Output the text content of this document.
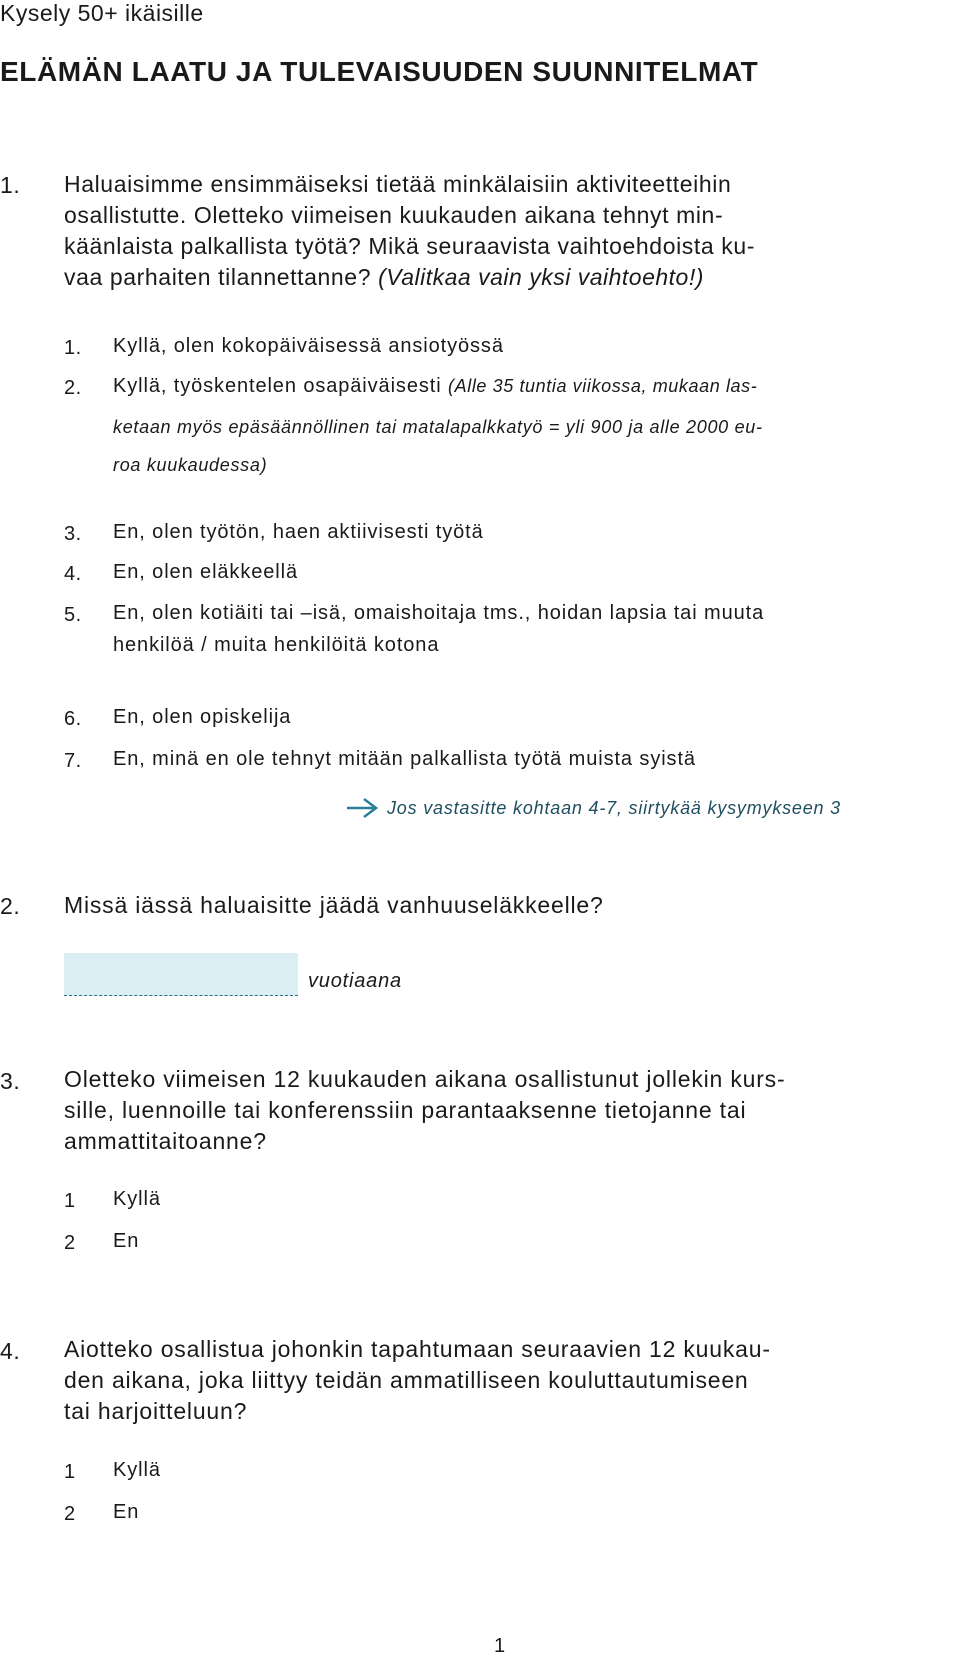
Kysely 50+ ikäisille
ELÄMÄN LAATU JA TULEVAISUUDEN SUUNNITELMAT
1. Haluaisimme ensimmäiseksi tietää minkälaisiin aktiviteetteihin
osallistutte. Oletteko viimeisen kuukauden aikana tehnyt min-
käänlaista palkallista työtä? Mikä seuraavista vaihtoehdoista ku-
vaa parhaiten tilannettanne? (Valitkaa vain yksi vaihtoehto!)
1. Kyllä, olen kokopäiväisessä ansiotyössä
2. Kyllä, työskentelen osapäiväisesti (Alle 35 tuntia viikossa, mukaan las-
ketaan myös epäsäännöllinen tai matalapalkkatyö = yli 900 ja alle 2000 eu-
roa kuukaudessa)
3. En, olen työtön, haen aktiivisesti työtä
4. En, olen eläkkeellä
5. En, olen kotiäiti tai –isä, omaishoitaja tms., hoidan lapsia tai muuta
henkilöä / muita henkilöitä kotona
6. En, olen opiskelija
7. En, minä en ole tehnyt mitään palkallista työtä muista syistä
Jos vastasitte kohtaan 4-7, siirtykää kysymykseen 3
2. Missä iässä haluaisitte jäädä vanhuuseläkkeelle?
vuotiaana
3. Oletteko viimeisen 12 kuukauden aikana osallistunut jollekin kurs-
sille, luennoille tai konferenssiin parantaaksenne tietojanne tai
ammattitaitoanne?
1 Kyllä
2 En
4. Aiotteko osallistua johonkin tapahtumaan seuraavien 12 kuukau-
den aikana, joka liittyy teidän ammatilliseen kouluttautumiseen
tai harjoitteluun?
1 Kyllä
2 En
1
